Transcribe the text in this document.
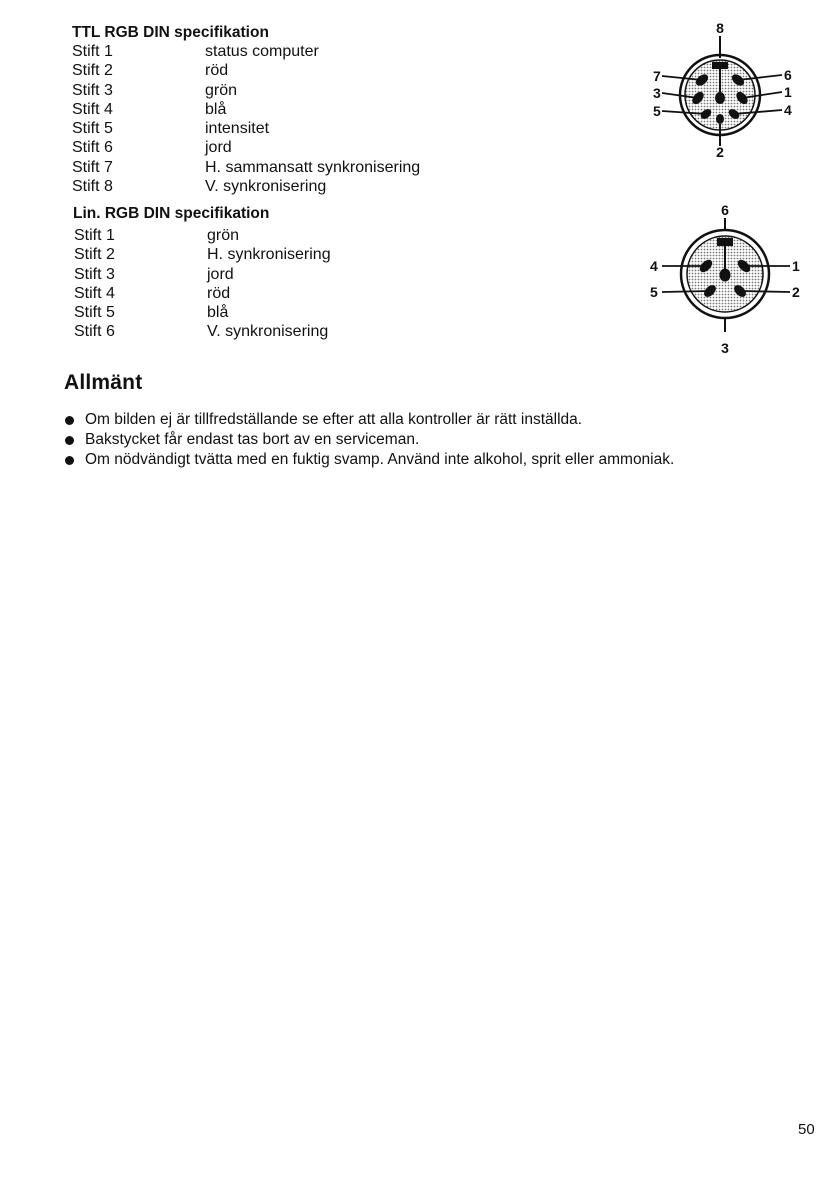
TTL RGB DIN specifikation
Stift 1	status computer
Stift 2	röd
Stift 3	grön
Stift 4	blå
Stift 5	intensitet
Stift 6	jord
Stift 7	H. sammansatt synkronisering
Stift 8	V. synkronisering
8
2
7
3
5
6
1
4
Lin. RGB DIN specifikation
Stift 1	grön
Stift 2	H. synkronisering
Stift 3	jord
Stift 4	röd
Stift 5	blå
Stift 6	V. synkronisering
6
3
4
5
1
2
Allmänt
Om bilden ej är tillfredställande se efter att alla kontroller är rätt inställda.
Bakstycket får endast tas bort av en serviceman.
Om nödvändigt tvätta med en fuktig svamp. Använd inte alkohol, sprit eller ammoniak.
50
